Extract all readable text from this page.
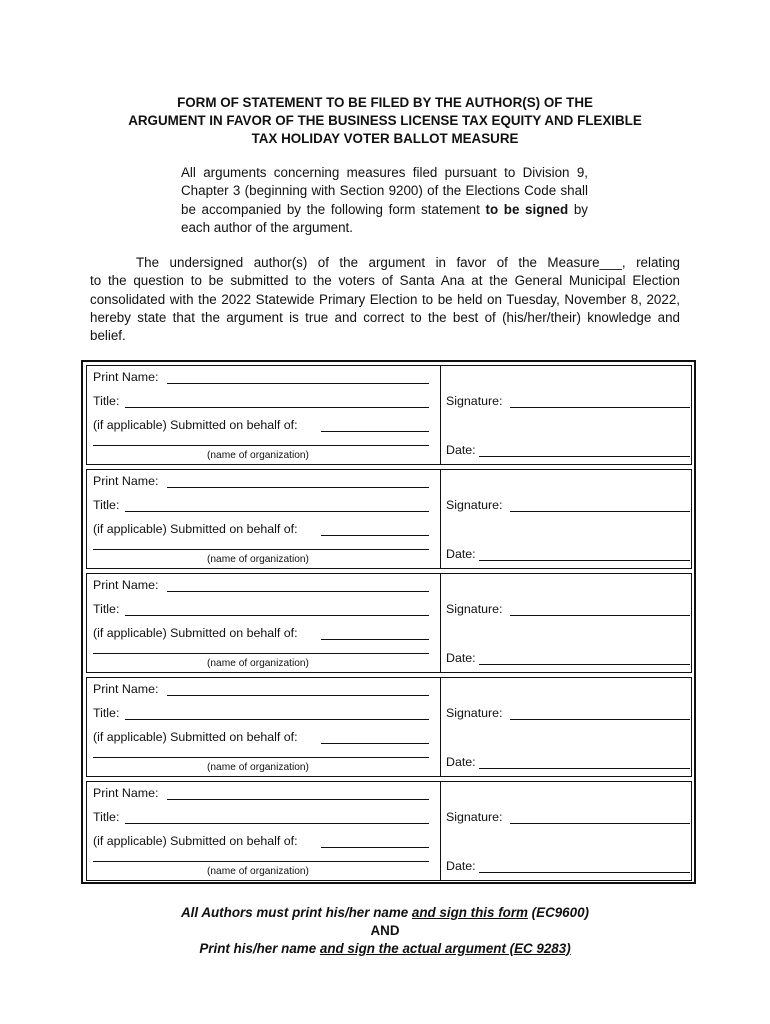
FORM OF STATEMENT TO BE FILED BY THE AUTHOR(S) OF THE
ARGUMENT IN FAVOR OF THE BUSINESS LICENSE TAX EQUITY AND FLEXIBLE
TAX HOLIDAY VOTER BALLOT MEASURE
All arguments concerning measures filed pursuant to Division 9, Chapter 3 (beginning with Section 9200) of the Elections Code shall be accompanied by the following form statement to be signed by each author of the argument.
The undersigned author(s) of the argument in favor of the Measure___, relating
to the question to be submitted to the voters of Santa Ana at the General Municipal Election consolidated with the 2022 Statewide Primary Election to be held on Tuesday, November 8, 2022, hereby state that the argument is true and correct to the best of (his/her/their) knowledge and belief.
Print Name:
Title:
(if applicable) Submitted on behalf of:
(name of organization)
Signature:
Date:
Print Name:
Title:
(if applicable) Submitted on behalf of:
(name of organization)
Signature:
Date:
Print Name:
Title:
(if applicable) Submitted on behalf of:
(name of organization)
Signature:
Date:
Print Name:
Title:
(if applicable) Submitted on behalf of:
(name of organization)
Signature:
Date:
Print Name:
Title:
(if applicable) Submitted on behalf of:
(name of organization)
Signature:
Date:
All Authors must print his/her name and sign this form (EC9600)
AND
Print his/her name and sign the actual argument (EC 9283)
